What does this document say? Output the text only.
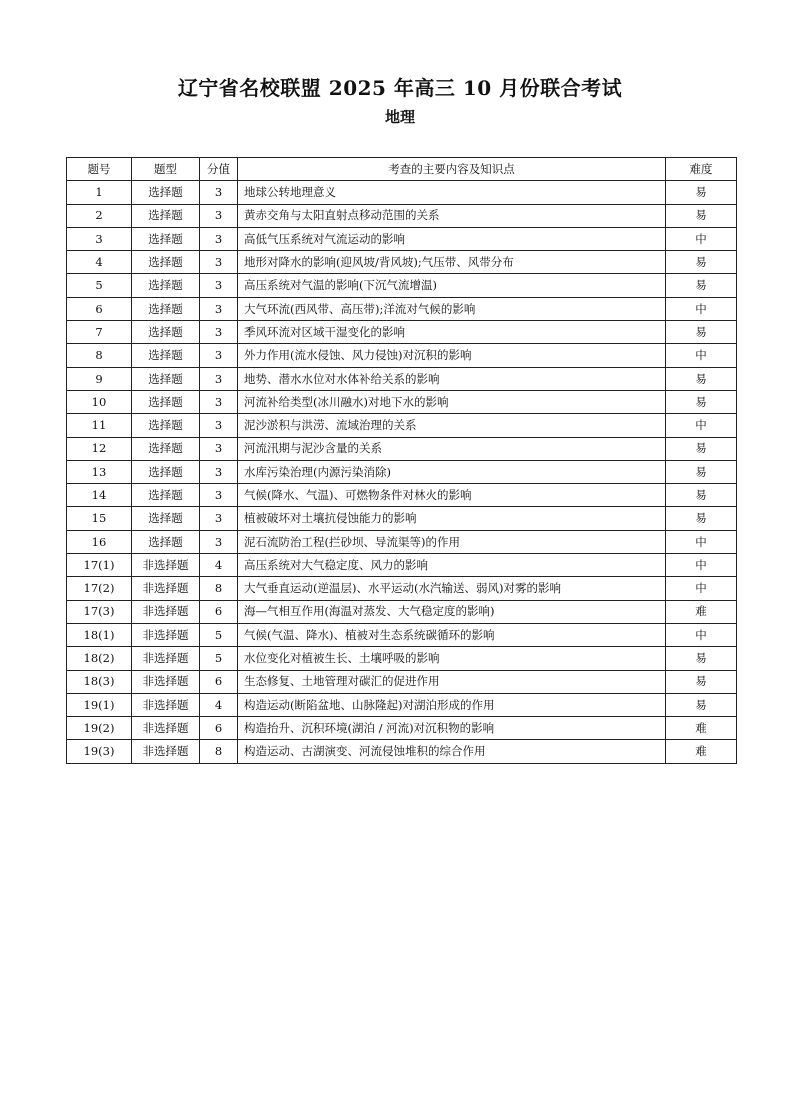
辽宁省名校联盟 2025 年高三 10 月份联合考试
地理
题号	题型	分值	考查的主要内容及知识点	难度
1	选择题	3	地球公转地理意义	易
2	选择题	3	黄赤交角与太阳直射点移动范围的关系	易
3	选择题	3	高低气压系统对气流运动的影响	中
4	选择题	3	地形对降水的影响(迎风坡/背风坡);气压带、风带分布	易
5	选择题	3	高压系统对气温的影响(下沉气流增温)	易
6	选择题	3	大气环流(西风带、高压带);洋流对气候的影响	中
7	选择题	3	季风环流对区域干湿变化的影响	易
8	选择题	3	外力作用(流水侵蚀、风力侵蚀)对沉积的影响	中
9	选择题	3	地势、潜水水位对水体补给关系的影响	易
10	选择题	3	河流补给类型(冰川融水)对地下水的影响	易
11	选择题	3	泥沙淤积与洪涝、流域治理的关系	中
12	选择题	3	河流汛期与泥沙含量的关系	易
13	选择题	3	水库污染治理(内源污染消除)	易
14	选择题	3	气候(降水、气温)、可燃物条件对林火的影响	易
15	选择题	3	植被破坏对土壤抗侵蚀能力的影响	易
16	选择题	3	泥石流防治工程(拦砂坝、导流渠等)的作用	中
17(1)	非选择题	4	高压系统对大气稳定度、风力的影响	中
17(2)	非选择题	8	大气垂直运动(逆温层)、水平运动(水汽输送、弱风)对雾的影响	中
17(3)	非选择题	6	海—气相互作用(海温对蒸发、大气稳定度的影响)	难
18(1)	非选择题	5	气候(气温、降水)、植被对生态系统碳循环的影响	中
18(2)	非选择题	5	水位变化对植被生长、土壤呼吸的影响	易
18(3)	非选择题	6	生态修复、土地管理对碳汇的促进作用	易
19(1)	非选择题	4	构造运动(断陷盆地、山脉隆起)对湖泊形成的作用	易
19(2)	非选择题	6	构造抬升、沉积环境(湖泊 / 河流)对沉积物的影响	难
19(3)	非选择题	8	构造运动、古湖演变、河流侵蚀堆积的综合作用	难
